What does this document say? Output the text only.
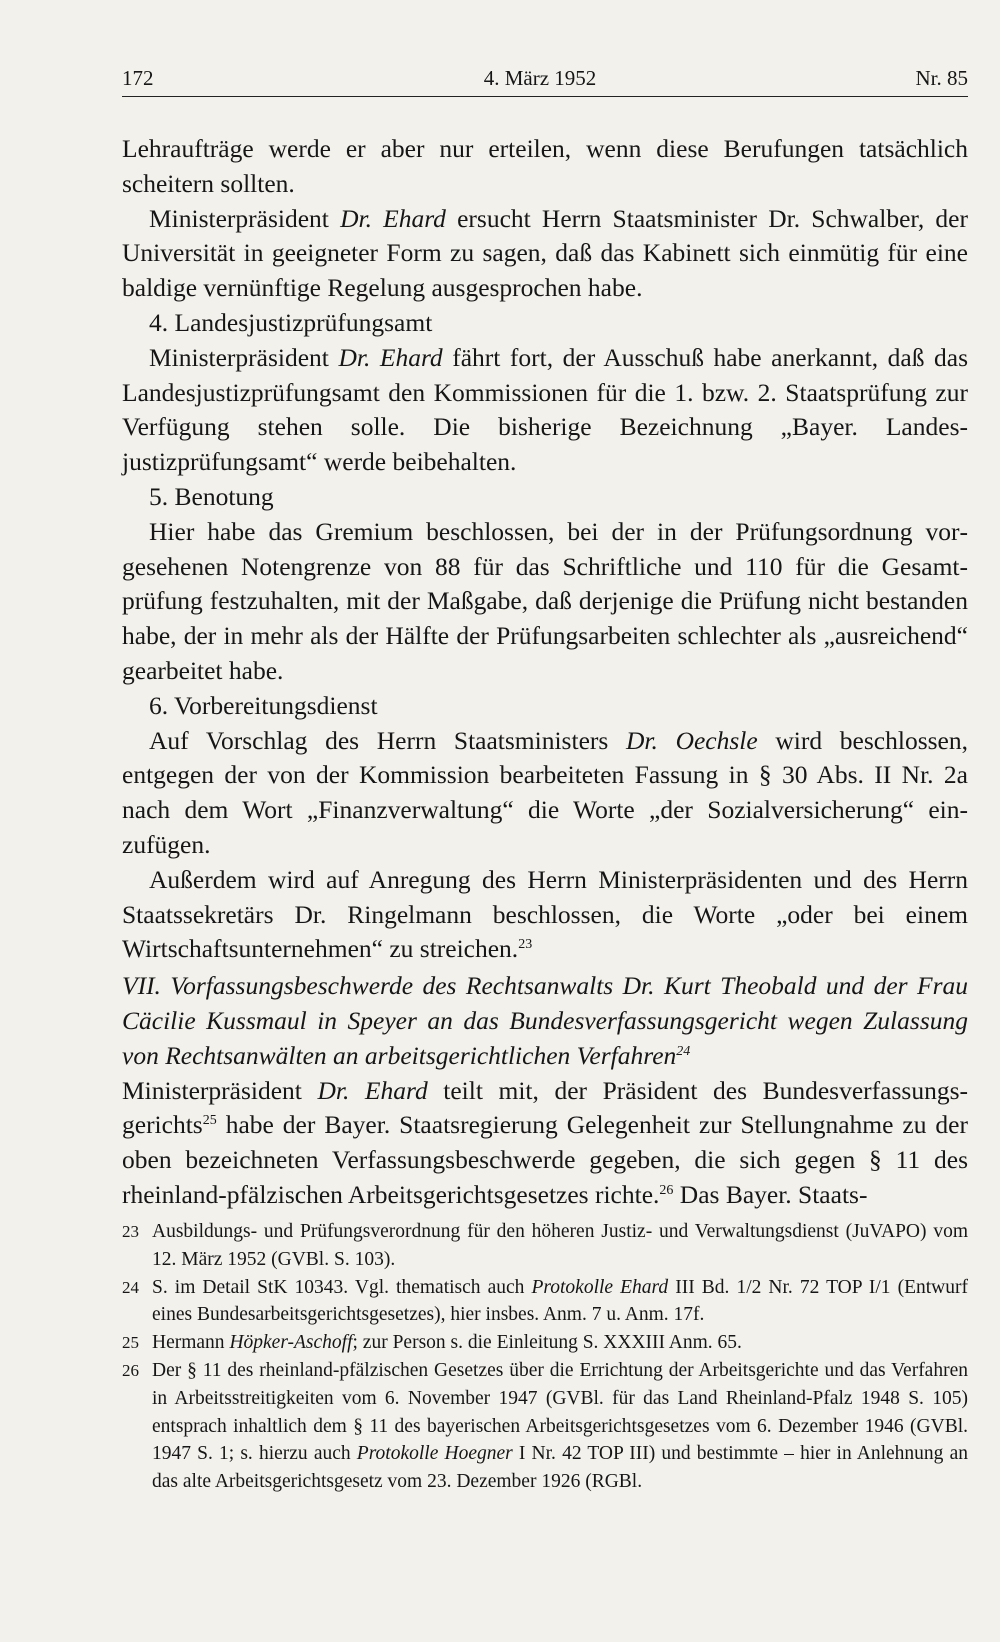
172	4. März 1952	Nr. 85

Lehraufträge werde er aber nur erteilen, wenn diese Berufungen tatsächlich scheitern sollten.

Ministerpräsident Dr. Ehard ersucht Herrn Staatsminister Dr. Schwalber, der Universität in geeigneter Form zu sagen, daß das Kabinett sich einmütig für eine baldige vernünftige Regelung ausgesprochen habe.

4. Landesjustizprüfungsamt

Ministerpräsident Dr. Ehard fährt fort, der Ausschuß habe anerkannt, daß das Landesjustizprüfungsamt den Kommissionen für die 1. bzw. 2. Staatsprüfung zur Verfügung stehen solle. Die bisherige Bezeichnung „Bayer. Landesjustizprüfungsamt“ werde beibehalten.

5. Benotung

Hier habe das Gremium beschlossen, bei der in der Prüfungsordnung vorgesehenen Notengrenze von 88 für das Schriftliche und 110 für die Gesamtprüfung festzuhalten, mit der Maßgabe, daß derjenige die Prüfung nicht bestanden habe, der in mehr als der Hälfte der Prüfungsarbeiten schlechter als „ausreichend“ gearbeitet habe.

6. Vorbereitungsdienst

Auf Vorschlag des Herrn Staatsministers Dr. Oechsle wird beschlossen, entgegen der von der Kommission bearbeiteten Fassung in § 30 Abs. II Nr. 2a nach dem Wort „Finanzverwaltung“ die Worte „der Sozialversicherung“ einzufügen.

Außerdem wird auf Anregung des Herrn Ministerpräsidenten und des Herrn Staatssekretärs Dr. Ringelmann beschlossen, die Worte „oder bei einem Wirtschaftsunternehmen“ zu streichen.$^{23}$

VII. Vorfassungsbeschwerde des Rechtsanwalts Dr. Kurt Theobald und der Frau Cäcilie Kussmaul in Speyer an das Bundesverfassungsgericht wegen Zulassung von Rechtsanwälten an arbeitsgerichtlichen Verfahren$^{24}$

Ministerpräsident Dr. Ehard teilt mit, der Präsident des Bundesverfassungsgerichts$^{25}$ habe der Bayer. Staatsregierung Gelegenheit zur Stellungnahme zu der oben bezeichneten Verfassungsbeschwerde gegeben, die sich gegen § 11 des rheinland-pfälzischen Arbeitsgerichtsgesetzes richte.$^{26}$ Das Bayer. Staats-

23 Ausbildungs- und Prüfungsverordnung für den höheren Justiz- und Verwaltungsdienst (JuVAPO) vom 12. März 1952 (GVBl. S. 103).

24 S. im Detail StK 10343. Vgl. thematisch auch Protokolle Ehard III Bd. 1/2 Nr. 72 TOP I/1 (Entwurf eines Bundesarbeitsgerichtsgesetzes), hier insbes. Anm. 7 u. Anm. 17f.

25 Hermann Höpker-Aschoff; zur Person s. die Einleitung S. XXXIII Anm. 65.

26 Der § 11 des rheinland-pfälzischen Gesetzes über die Errichtung der Arbeitsgerichte und das Verfahren in Arbeitsstreitigkeiten vom 6. November 1947 (GVBl. für das Land Rheinland-Pfalz 1948 S. 105) entsprach inhaltlich dem § 11 des bayerischen Arbeitsgerichtsgesetzes vom 6. Dezember 1946 (GVBl. 1947 S. 1; s. hierzu auch Protokolle Hoegner I Nr. 42 TOP III) und bestimmte – hier in Anlehnung an das alte Arbeitsgerichtsgesetz vom 23. Dezember 1926 (RGBl.
